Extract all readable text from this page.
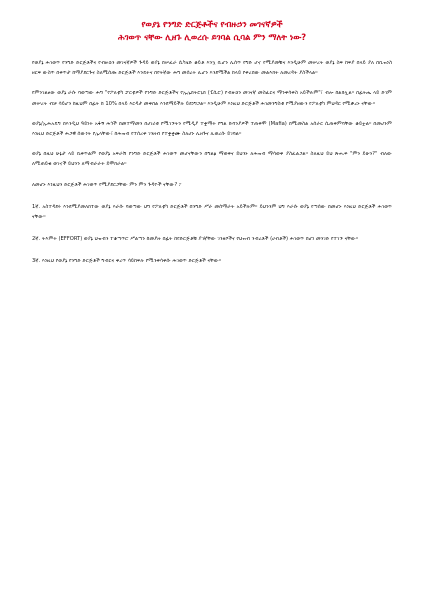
የወያኔ የንግድ ድርጅቶችና የብዙኃን መገናኛዎች
ሕገወጥ ናቸው ሊዘጉ ሊወረሱ ይገባል ሲባል ምን ማለት ነው?

የወያኔ ሕገወጥ የንግድ ድርጅቶችና የብዙኃን መገናኛዎች ጉዳይ ወያኔ በሠፈራ ሲካሄድ ቆይቶ እንኳ ቢሆን ሊሰጥ የግድ ሆኖ የሚያመቹና እንዲሁም መሠረት ወያኔ ስፍ ከፍያ በላይ ያለ በቢዝነስ ዘርፍ ውስጥ በቀጥታ ከማያደርጉና ስለሚሰጡ ድርጅቶች እንዴትና በየትኛው ሕግ መሰረት ሊሆን እንደሚችል ከላይ የቀረበው መልእክት ለመረዳት ያስችላል።

የምንገልፀው ወያኔ ራሱ ባወጣው ሕግ "የፖለቲካ ፓርቲዎች የንግድ ድርጅቶችና የኢሌክትሮኒክ (ፒሲሮ) የብዙኃን መገናኛ መስፈርና ማንቀሳቀስ አይችሉም"፣ ብሎ ከልክሏል። በፊትሔ ላይ ድገም መሠረት ብቻ ሳይሆን ከዚህም በፊት ከ 10% በላይ እርዳታ መቀበል እንደማይችሉ ይደነግጋል። እንዲሁም እነዚህ ድርጅቶች ሕገመንግስቱ የሚያዘውን የፖለቲካ ምህዳር የሚቃረኑ ናቸው።

ወያኔ/ኢሕአዴግ በእንዲህ ዓይነት አፋኝ ሕጎች በመተማመን በሀገሪቱ የሚገኙትን የሚዲያ ተቋማት የግል ኩባንያዎች ተጠቅሞ (Mafia) በሚመስል አሰራር ሲጠቀምባቸው ቆይቷል። በመሆኑም እነዚህ ድርጅቶች ሕጋዊ ሰውነት የሌላቸው፣ ከሕዝብ የተሰረቀ ገንዘብ የተቋቋሙ ስለሆኑ ሊዘጉና ሊወረሱ ይገባል።

ወያኔ በዚህ ሁኔታ ላይ ቢቀጥልም የወያኔ አፍራሽ የንግድ ድርጅቶች ሕገወጥ መሆናቸውን በግልፅ ማወቅና ይህንኑ ለሕዝብ ማሳወቅ ያስፈልጋል። ስለዚህ ይህ ጽሑፍ "ምን ይሁን?" ብለው ለሚጠይቁ ወገኖች ይህንን ለማብራራት ይሞክራል።

ለመሆኑ እነዚህን ድርጅቶች ሕገወጥ የሚያደርጋቸው ምን ምን ጉዳዮች ናቸው? ፦

1ኛ. አስተዳደሩ እንደሚያመለክተው ወያኔ እራሱ ባወጣው ህግ የፖለቲካ ድርጅቶች በንግድ ሥራ መሰማራት አይችሉም። ይህንንም ህግ እራሱ ወያኔ የጣሰው በመሆኑ እነዚህ ድርጅቶች ሕገወጥ ናቸው።

2ኛ. ትእምት (EFFORT) ወያኔ ህዝብን ተቆጣጥሮ ሥልጣን ከመያዙ በፊት ከየድርጅቶቹ ያገኛቸው ገንዘቦችና የህዝብ ንብረቶች (ሀብቶች) ሕገወጥ በሆነ መንገድ የተገኙ ናቸው።

3ኛ. እነዚህ የወያኔ የንግድ ድርጅቶች ግብርና ቀረጥ ሳይከፍሉ የሚንቀሳቀሱ ሕገወጥ ድርጅቶች ናቸው።
